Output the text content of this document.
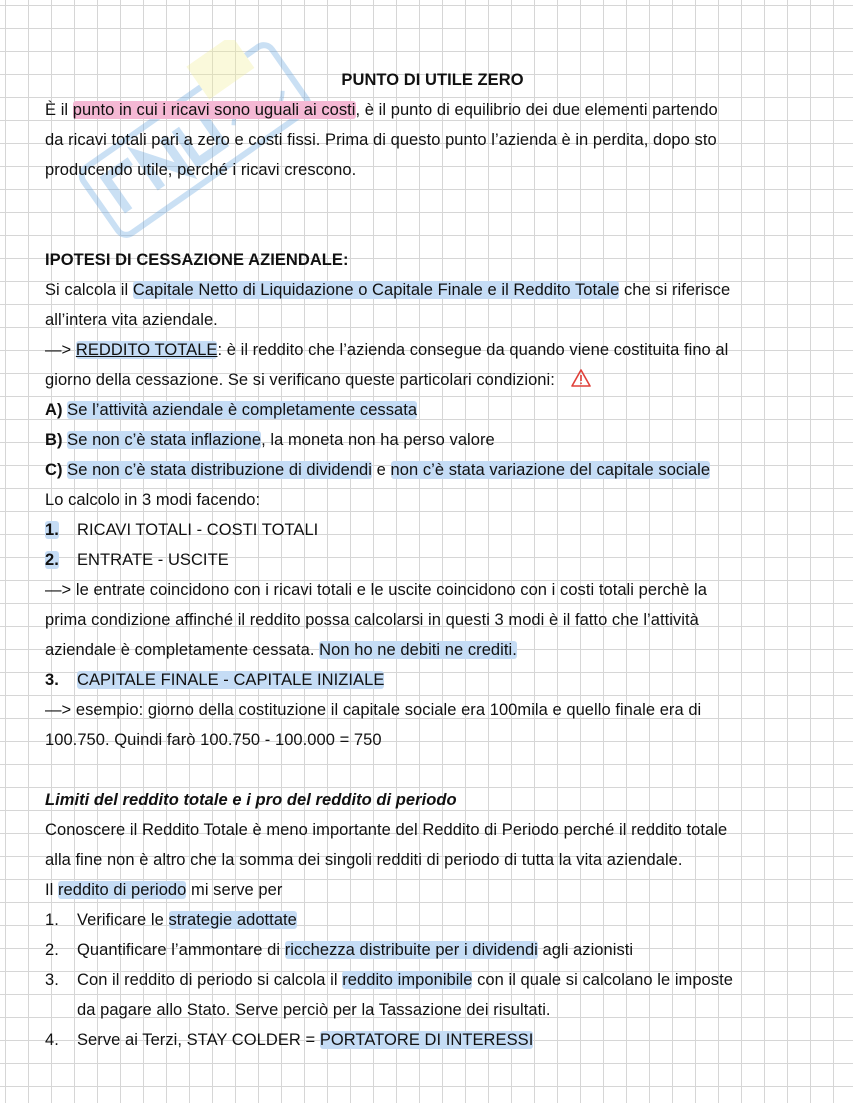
PUNTO DI UTILE ZERO
È il punto in cui i ricavi sono uguali ai costi, è il punto di equilibrio dei due elementi partendo
da ricavi totali pari a zero e costi fissi. Prima di questo punto l’azienda è in perdita, dopo sto
producendo utile, perché i ricavi crescono.
IPOTESI DI CESSAZIONE AZIENDALE:
Si calcola il Capitale Netto di Liquidazione o Capitale Finale e il Reddito Totale che si riferisce
all’intera vita aziendale.
—> REDDITO TOTALE: è il reddito che l’azienda consegue da quando viene costituita fino al
giorno della cessazione. Se si verificano queste particolari condizioni:
A) Se l’attività aziendale è completamente cessata
B) Se non c’è stata inflazione, la moneta non ha perso valore
C) Se non c’è stata distribuzione di dividendi e non c’è stata variazione del capitale sociale
Lo calcolo in 3 modi facendo:
1. RICAVI TOTALI - COSTI TOTALI
2. ENTRATE - USCITE
—> le entrate coincidono con i ricavi totali e le uscite coincidono con i costi totali perchè la
prima condizione affinché il reddito possa calcolarsi in questi 3 modi è il fatto che l’attività
aziendale è completamente cessata. Non ho ne debiti ne crediti.
3. CAPITALE FINALE - CAPITALE INIZIALE
—> esempio: giorno della costituzione il capitale sociale era 100mila e quello finale era di
100.750. Quindi farò 100.750 - 100.000 = 750
Limiti del reddito totale e i pro del reddito di periodo
Conoscere il Reddito Totale è meno importante del Reddito di Periodo perché il reddito totale
alla fine non è altro che la somma dei singoli redditi di periodo di tutta la vita aziendale.
Il reddito di periodo mi serve per
1. Verificare le strategie adottate
2. Quantificare l’ammontare di ricchezza distribuite per i dividendi agli azionisti
3. Con il reddito di periodo si calcola il reddito imponibile con il quale si calcolano le imposte
da pagare allo Stato. Serve perciò per la Tassazione dei risultati.
4. Serve ai Terzi, STAY COLDER = PORTATORE DI INTERESSI
